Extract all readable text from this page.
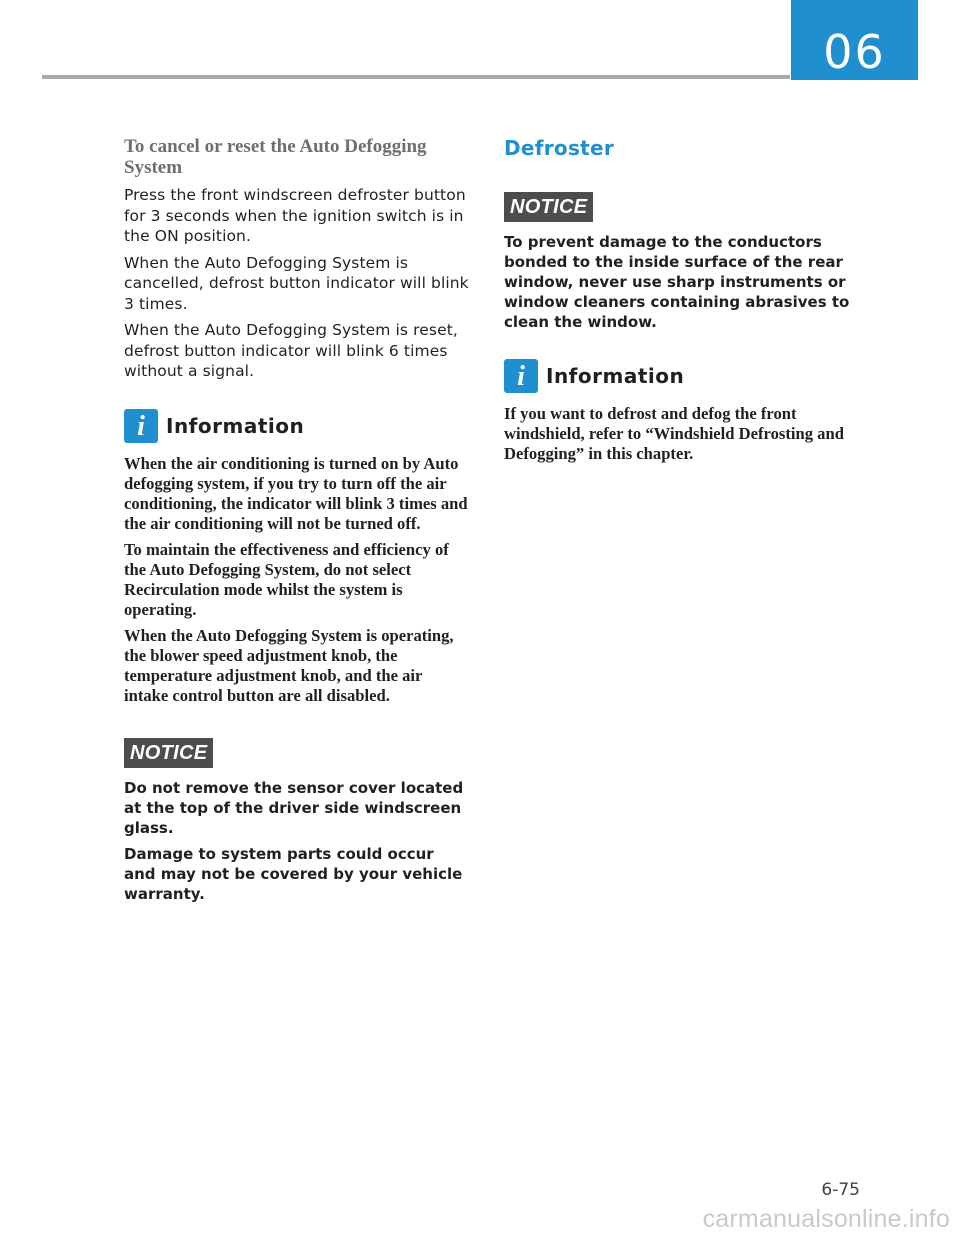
06
To cancel or reset the Auto Defogging System

Press the front windscreen defroster button for 3 seconds when the ignition switch is in the ON position.

When the Auto Defogging System is cancelled, defrost button indicator will blink 3 times.

When the Auto Defogging System is reset, defrost button indicator will blink 6 times without a signal.

i	Information

When the air conditioning is turned on by Auto defogging system, if you try to turn off the air conditioning, the indicator will blink 3 times and the air conditioning will not be turned off.

To maintain the effectiveness and efficiency of the Auto Defogging System, do not select Recirculation mode whilst the system is operating.

When the Auto Defogging System is operating, the blower speed adjustment knob, the temperature adjustment knob, and the air intake control button are all disabled.

NOTICE

Do not remove the sensor cover located at the top of the driver side windscreen glass.

Damage to system parts could occur and may not be covered by your vehicle warranty.

Defroster
NOTICE

To prevent damage to the conductors bonded to the inside surface of the rear window, never use sharp instruments or window cleaners containing abrasives to clean the window.

i	Information

If you want to defrost and defog the front windshield, refer to “Windshield Defrosting and Defogging” in this chapter.

6-75
carmanualsonline.info
